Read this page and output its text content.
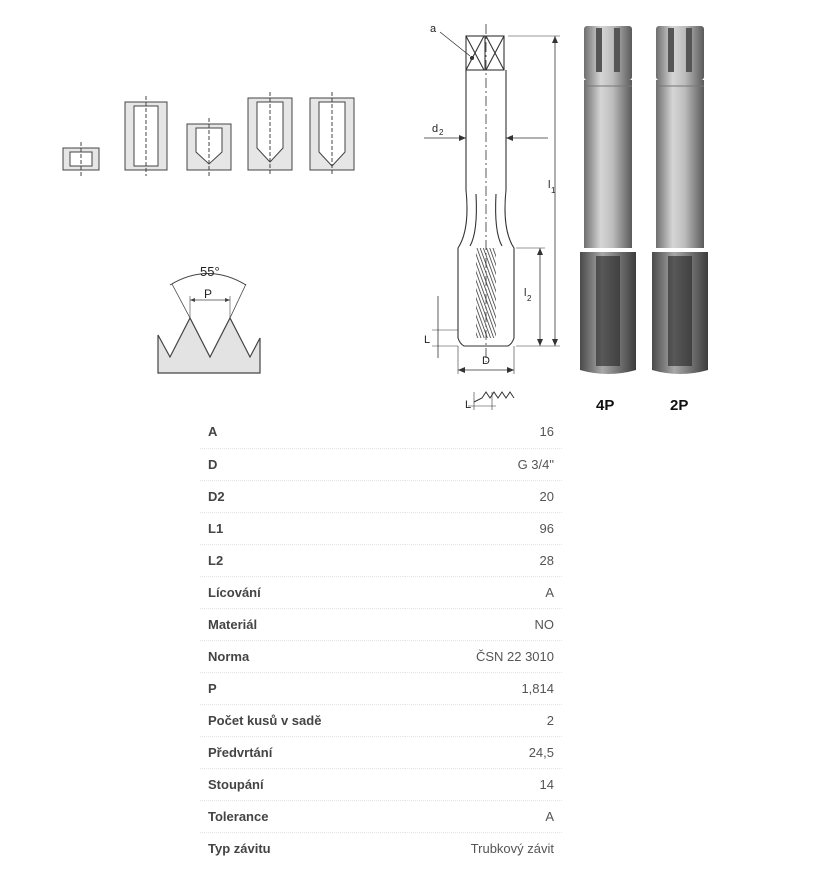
55°
P
a
d 2
l 1
l 2
L
D
L	4P	2P
A	16
D	G 3/4"
D2	20
L1	96
L2	28
Lícování	A
Materiál	NO
Norma	ČSN 22 3010
P	1,814
Počet kusů v sadě	2
Předvrtání	24,5
Stoupání	14
Tolerance	A
Typ závitu	Trubkový závit
